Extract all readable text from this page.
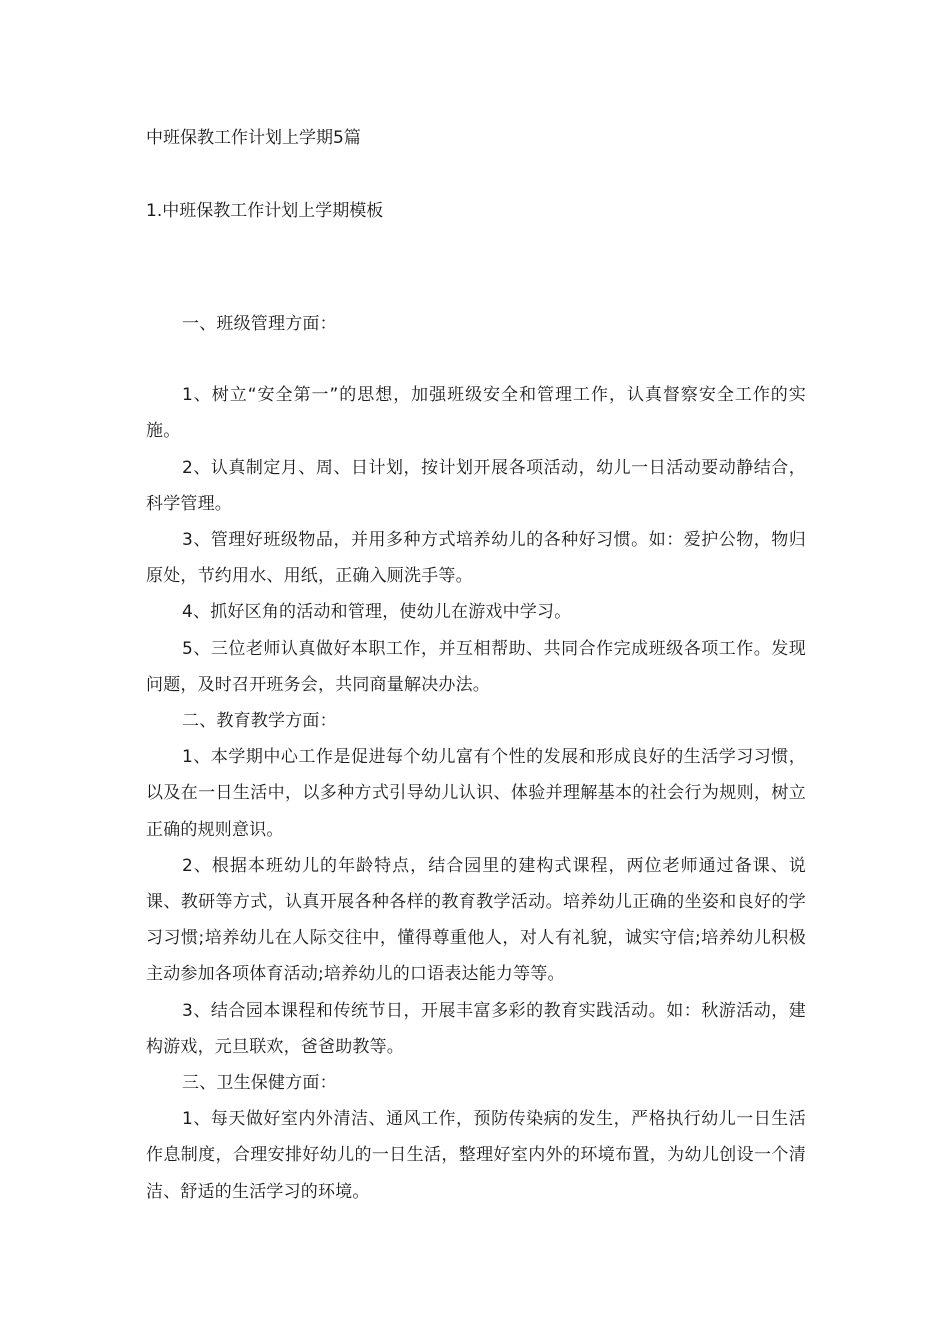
中班保教工作计划上学期5篇
1.中班保教工作计划上学期模板

一、班级管理方面：

1、树立“安全第一”的思想，加强班级安全和管理工作，认真督察安全工作的实施。

2、认真制定月、周、日计划，按计划开展各项活动，幼儿一日活动要动静结合，科学管理。

3、管理好班级物品，并用多种方式培养幼儿的各种好习惯。如：爱护公物，物归原处，节约用水、用纸，正确入厕洗手等。

4、抓好区角的活动和管理，使幼儿在游戏中学习。

5、三位老师认真做好本职工作，并互相帮助、共同合作完成班级各项工作。发现问题，及时召开班务会，共同商量解决办法。

二、教育教学方面：

1、本学期中心工作是促进每个幼儿富有个性的发展和形成良好的生活学习习惯，以及在一日生活中，以多种方式引导幼儿认识、体验并理解基本的社会行为规则，树立正确的规则意识。

2、根据本班幼儿的年龄特点，结合园里的建构式课程，两位老师通过备课、说课、教研等方式，认真开展各种各样的教育教学活动。培养幼儿正确的坐姿和良好的学习习惯;培养幼儿在人际交往中，懂得尊重他人，对人有礼貌，诚实守信;培养幼儿积极主动参加各项体育活动;培养幼儿的口语表达能力等等。

3、结合园本课程和传统节日，开展丰富多彩的教育实践活动。如：秋游活动，建构游戏，元旦联欢，爸爸助教等。

三、卫生保健方面：

1、每天做好室内外清洁、通风工作，预防传染病的发生，严格执行幼儿一日生活作息制度，合理安排好幼儿的一日生活，整理好室内外的环境布置，为幼儿创设一个清洁、舒适的生活学习的环境。
